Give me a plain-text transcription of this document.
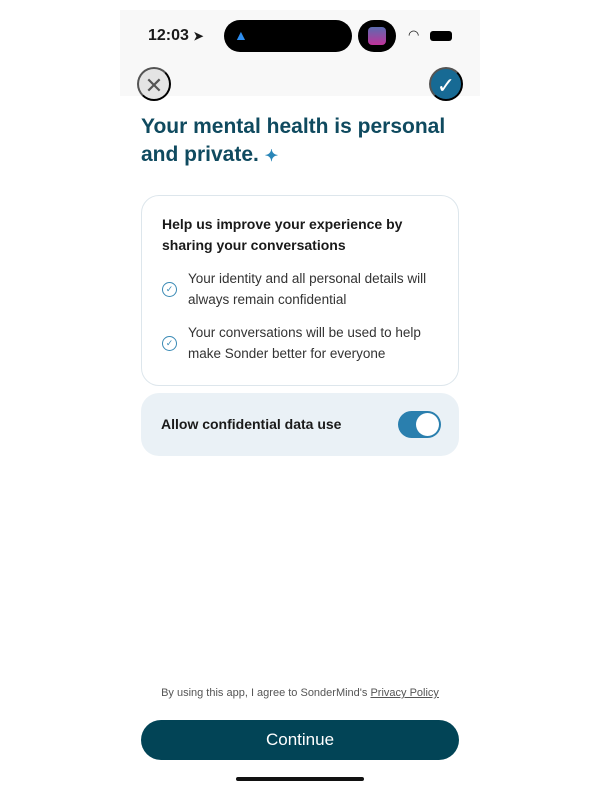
12:03 ➤ ▲	◠
✕	✓
Your mental health is personal and private. ✦
Help us improve your experience by sharing your conversations
✓
Your identity and all personal details will always remain confidential
✓
Your conversations will be used to help make Sonder better for everyone
Allow confidential data use

By using this app, I agree to SonderMind's Privacy Policy

Continue
